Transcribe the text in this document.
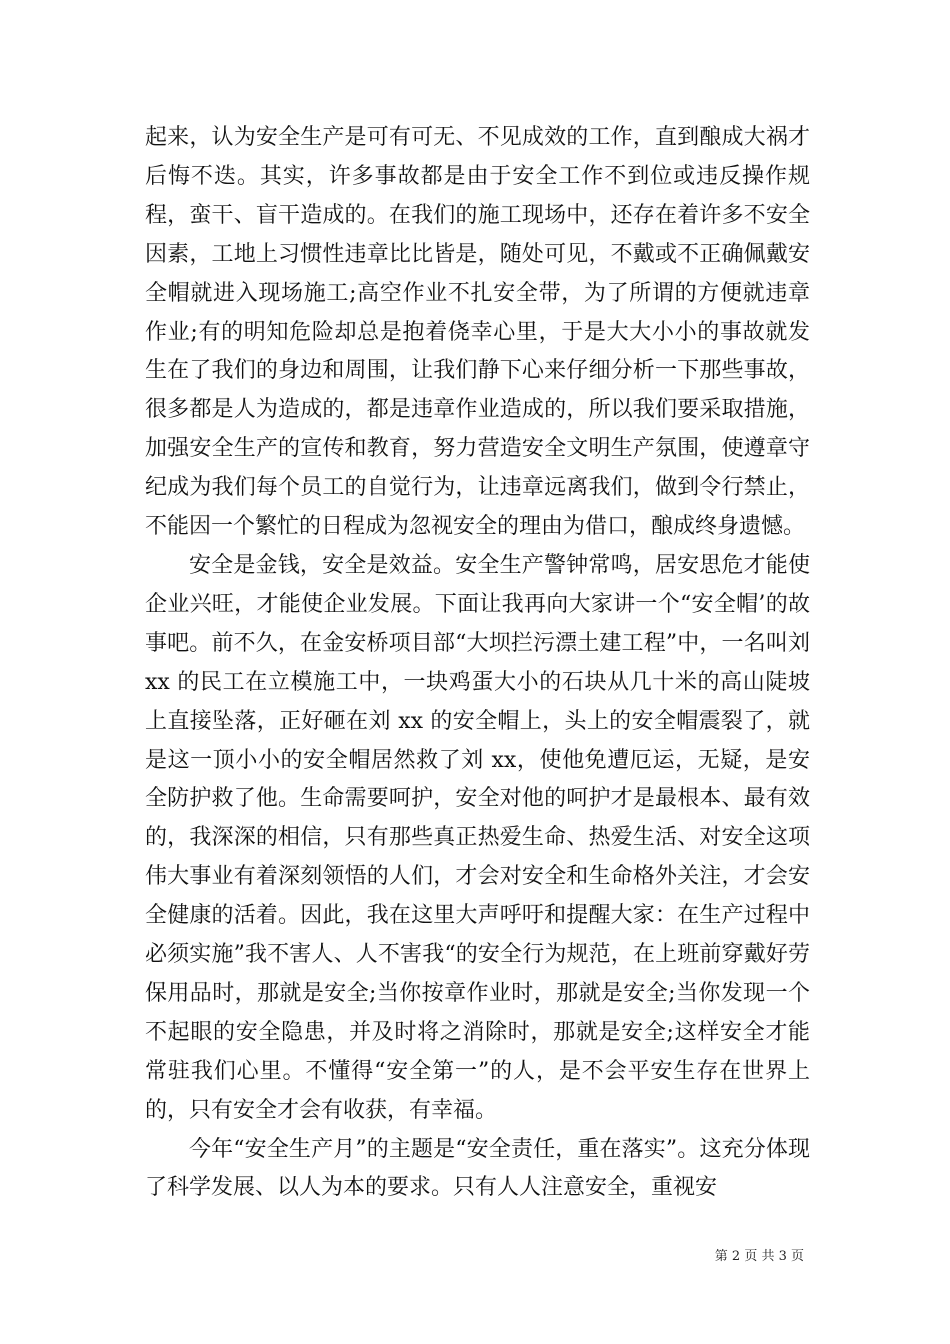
起来，认为安全生产是可有可无、不见成效的工作，直到酿成大祸才后悔不迭。其实，许多事故都是由于安全工作不到位或违反操作规程，蛮干、盲干造成的。在我们的施工现场中，还存在着许多不安全因素，工地上习惯性违章比比皆是，随处可见，不戴或不正确佩戴安全帽就进入现场施工;高空作业不扎安全带，为了所谓的方便就违章作业;有的明知危险却总是抱着侥幸心里，于是大大小小的事故就发生在了我们的身边和周围，让我们静下心来仔细分析一下那些事故，很多都是人为造成的，都是违章作业造成的，所以我们要采取措施，加强安全生产的宣传和教育，努力营造安全文明生产氛围，使遵章守纪成为我们每个员工的自觉行为，让违章远离我们，做到令行禁止，不能因一个繁忙的日程成为忽视安全的理由为借口，酿成终身遗憾。

安全是金钱，安全是效益。安全生产警钟常鸣，居安思危才能使企业兴旺，才能使企业发展。下面让我再向大家讲一个“安全帽’的故事吧。前不久，在金安桥项目部“大坝拦污漂土建工程”中，一名叫刘 xx 的民工在立模施工中，一块鸡蛋大小的石块从几十米的高山陡坡上直接坠落，正好砸在刘 xx 的安全帽上，头上的安全帽震裂了，就是这一顶小小的安全帽居然救了刘 xx，使他免遭厄运，无疑，是安全防护救了他。生命需要呵护，安全对他的呵护才是最根本、最有效的，我深深的相信，只有那些真正热爱生命、热爱生活、对安全这项伟大事业有着深刻领悟的人们，才会对安全和生命格外关注，才会安全健康的活着。因此，我在这里大声呼吁和提醒大家：在生产过程中必须实施”我不害人、人不害我“的安全行为规范，在上班前穿戴好劳保用品时，那就是安全;当你按章作业时，那就是安全;当你发现一个不起眼的安全隐患，并及时将之消除时，那就是安全;这样安全才能常驻我们心里。不懂得“安全第一”的人，是不会平安生存在世界上的，只有安全才会有收获，有幸福。

今年“安全生产月”的主题是“安全责任，重在落实”。这充分体现了科学发展、以人为本的要求。只有人人注意安全，重视安

第 2 页 共 3 页
